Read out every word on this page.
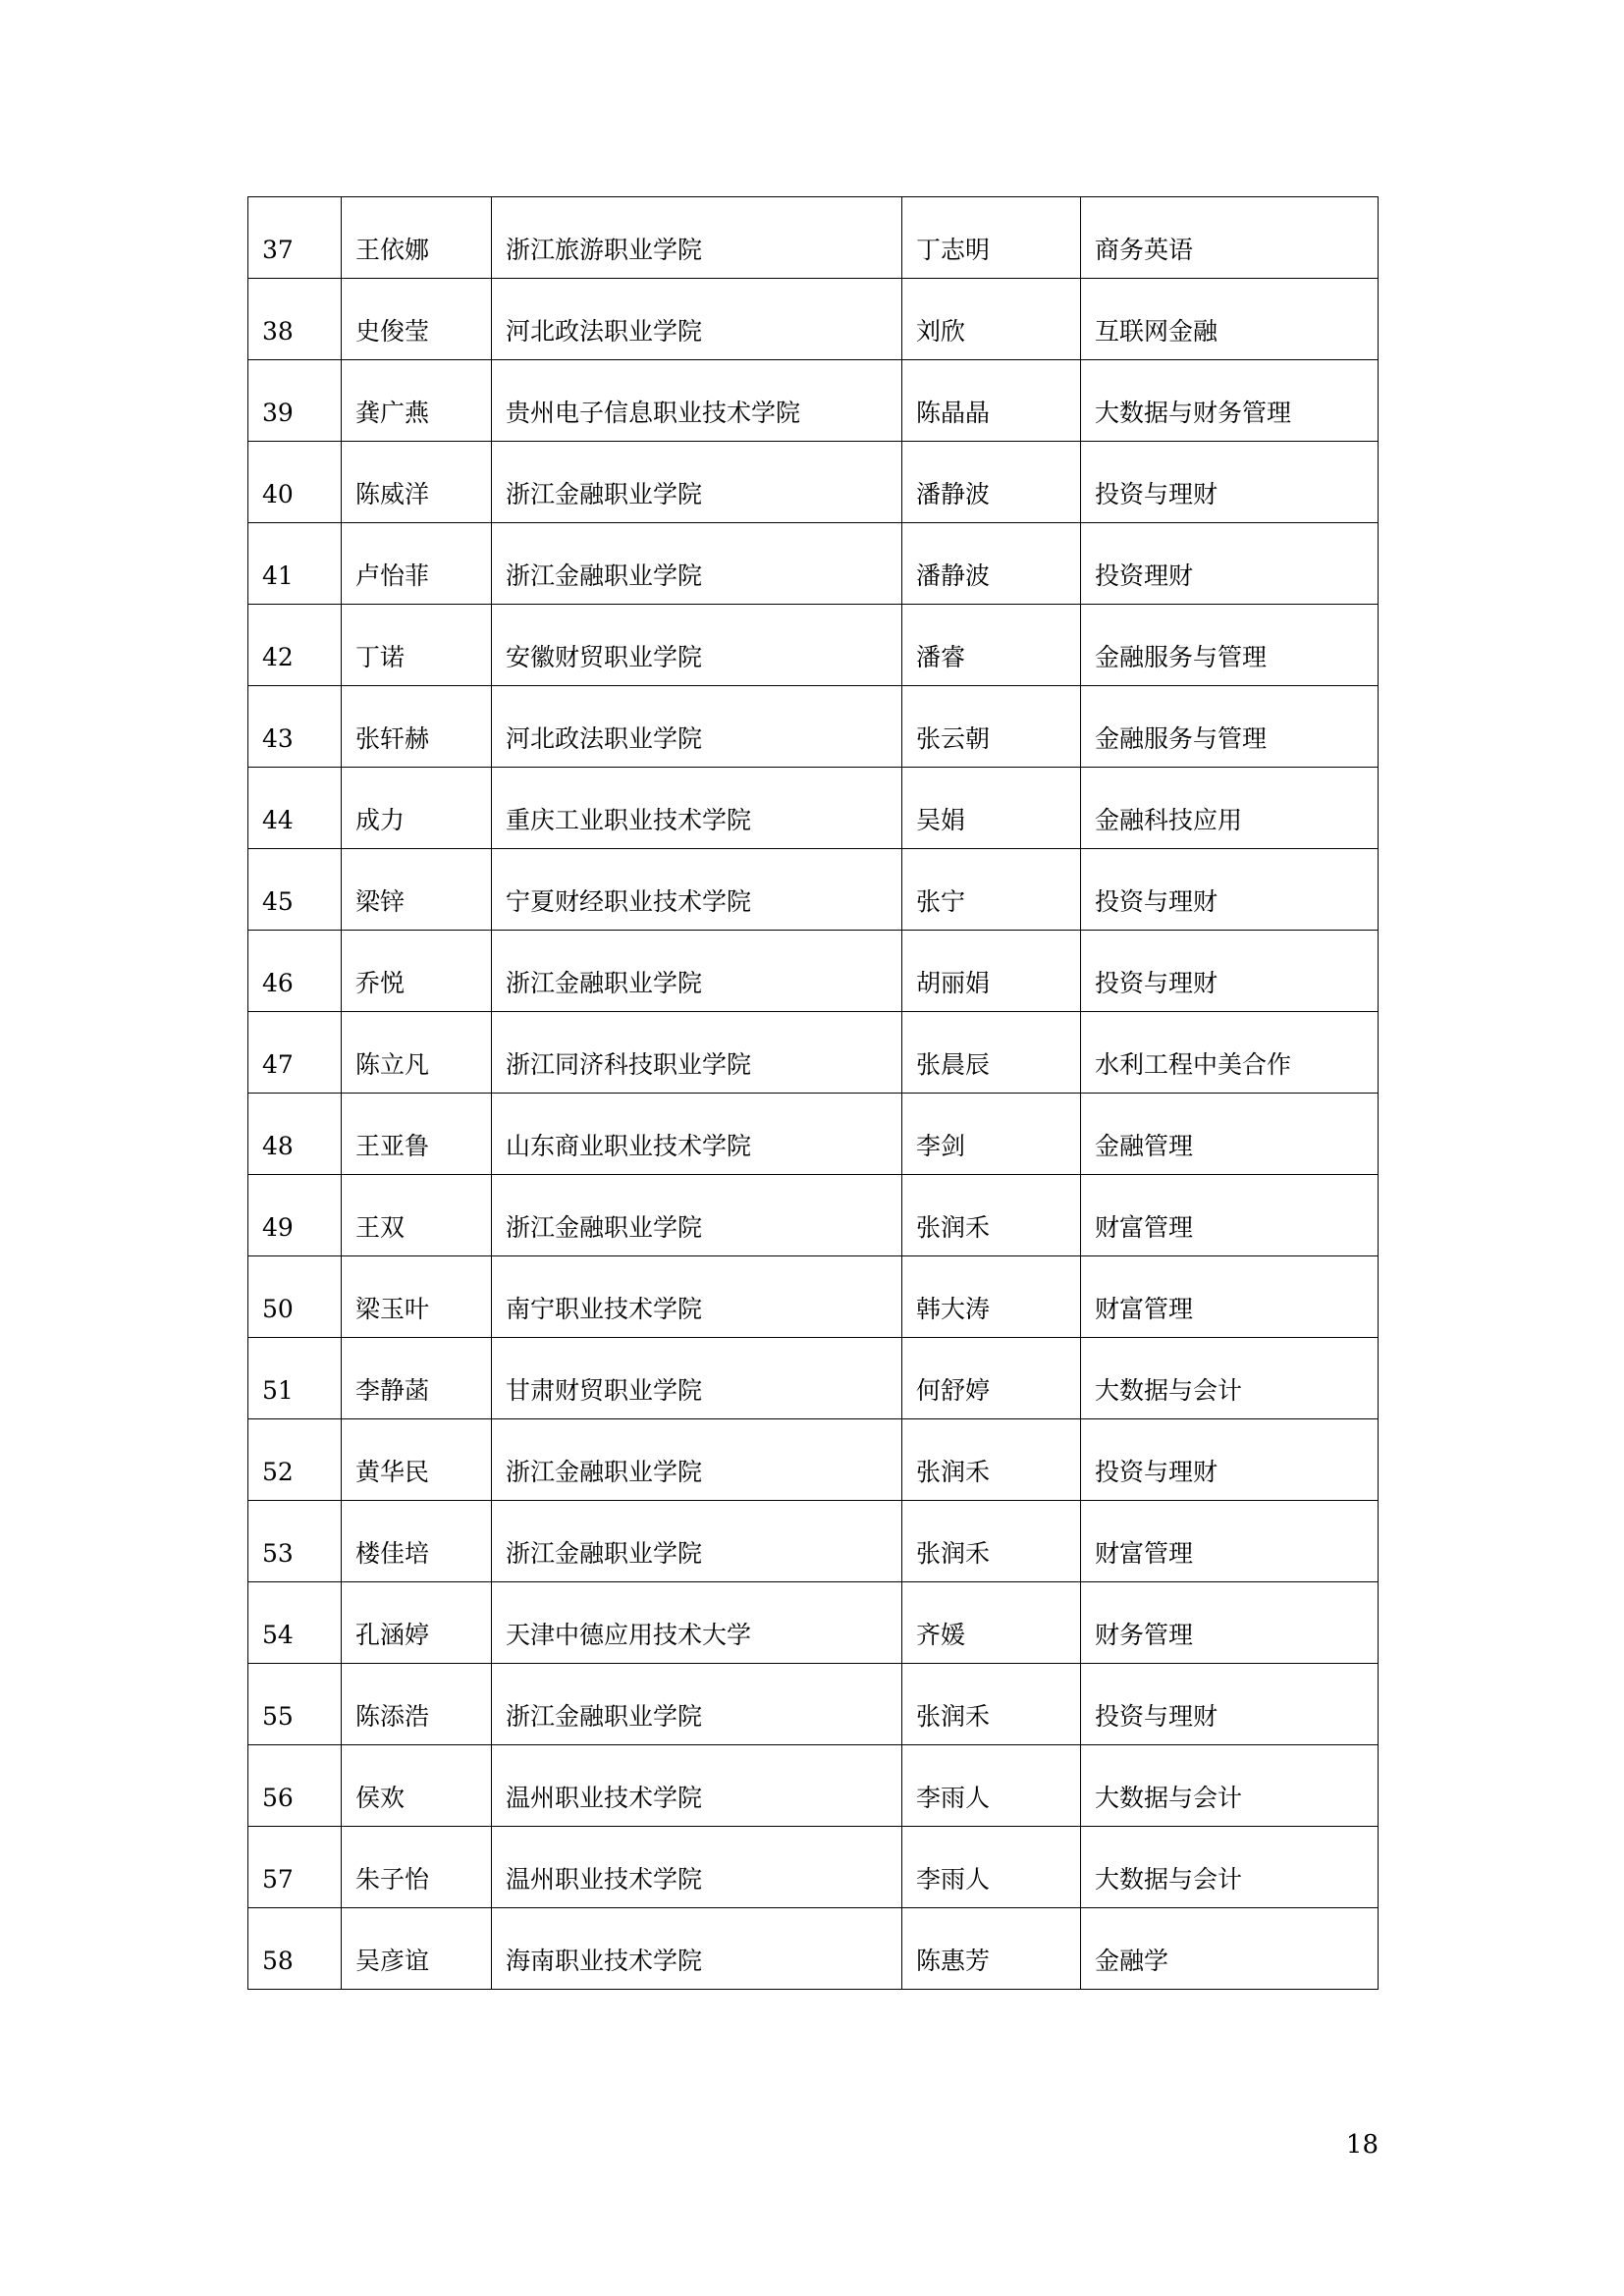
37	王依娜	浙江旅游职业学院	丁志明	商务英语
38	史俊莹	河北政法职业学院	刘欣	互联网金融
39	龚广燕	贵州电子信息职业技术学院	陈晶晶	大数据与财务管理
40	陈威洋	浙江金融职业学院	潘静波	投资与理财
41	卢怡菲	浙江金融职业学院	潘静波	投资理财
42	丁诺	安徽财贸职业学院	潘睿	金融服务与管理
43	张轩赫	河北政法职业学院	张云朝	金融服务与管理
44	成力	重庆工业职业技术学院	吴娟	金融科技应用
45	梁锌	宁夏财经职业技术学院	张宁	投资与理财
46	乔悦	浙江金融职业学院	胡丽娟	投资与理财
47	陈立凡	浙江同济科技职业学院	张晨辰	水利工程中美合作
48	王亚鲁	山东商业职业技术学院	李剑	金融管理
49	王双	浙江金融职业学院	张润禾	财富管理
50	梁玉叶	南宁职业技术学院	韩大涛	财富管理
51	李静菡	甘肃财贸职业学院	何舒婷	大数据与会计
52	黄华民	浙江金融职业学院	张润禾	投资与理财
53	楼佳培	浙江金融职业学院	张润禾	财富管理
54	孔涵婷	天津中德应用技术大学	齐媛	财务管理
55	陈添浩	浙江金融职业学院	张润禾	投资与理财
56	侯欢	温州职业技术学院	李雨人	大数据与会计
57	朱子怡	温州职业技术学院	李雨人	大数据与会计
58	吴彦谊	海南职业技术学院	陈惠芳	金融学
18
